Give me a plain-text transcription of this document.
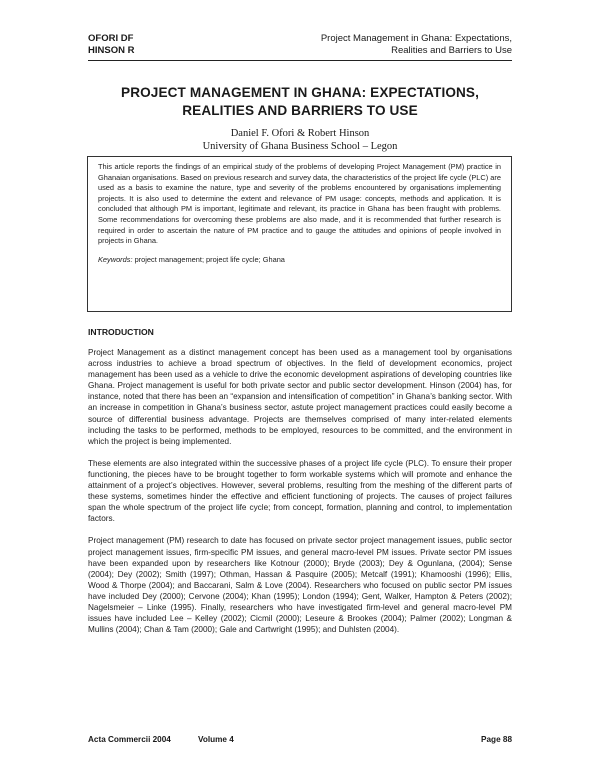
OFORI DF
HINSON R
Project Management in Ghana: Expectations,
Realities and Barriers to Use
PROJECT MANAGEMENT IN GHANA: EXPECTATIONS,
REALITIES AND BARRIERS TO USE
Daniel F. Ofori & Robert Hinson
University of Ghana Business School – Legon

This article reports the findings of an empirical study of the problems of developing Project Management (PM) practice in Ghanaian organisations. Based on previous research and survey data, the characteristics of the project life cycle (PLC) are used as a basis to examine the nature, type and severity of the problems encountered by organisations implementing projects. It is also used to determine the extent and relevance of PM usage: concepts, methods and application. It is concluded that although PM is important, legitimate and relevant, its practice in Ghana has been fraught with problems. Some recommendations for overcoming these problems are also made, and it is recommended that further research is required in order to ascertain the nature of PM practice and to gauge the attitudes and opinions of people involved in projects in Ghana.

Keywords: project management; project life cycle; Ghana

INTRODUCTION

Project Management as a distinct management concept has been used as a management tool by organisations across industries to achieve a broad spectrum of objectives. In the field of development economics, project management has been used as a vehicle to drive the economic development aspirations of developing countries like Ghana. Project management is useful for both private sector and public sector development. Hinson (2004) has, for instance, noted that there has been an “expansion and intensification of competition” in Ghana’s banking sector. With an increase in competition in Ghana’s business sector, astute project management practices could easily become a source of differential business advantage. Projects are themselves comprised of many inter-related elements including the tasks to be performed, methods to be employed, resources to be committed, and the environment in which the project is being implemented.

These elements are also integrated within the successive phases of a project life cycle (PLC). To ensure their proper functioning, the pieces have to be brought together to form workable systems which will promote and enhance the attainment of a project’s objectives. However, several problems, resulting from the meshing of the different parts of these systems, sometimes hinder the effective and efficient functioning of projects. The causes of project failures span the whole spectrum of the project life cycle; from concept, formation, planning and control, to implementation factors.

Project management (PM) research to date has focused on private sector project management issues, public sector project management issues, firm-specific PM issues, and general macro-level PM issues. Private sector PM issues have been expanded upon by researchers like Kotnour (2000); Bryde (2003); Dey & Ogunlana, (2004); Sense (2004); Dey (2002); Smith (1997); Othman, Hassan & Pasquire (2005); Metcalf (1991); Khamooshi (1996); Ellis, Wood & Thorpe (2004); and Baccarani, Salm & Love (2004). Researchers who focused on public sector PM issues have included Dey (2000); Cervone (2004); Khan (1995); London (1994); Gent, Walker, Hampton & Peters (2002); Nagelsmeier – Linke (1995). Finally, researchers who have investigated firm-level and general macro-level PM issues have included Lee – Kelley (2002); Cicmil (2000); Leseure & Brookes (2004); Palmer (2002); Longman & Mullins (2004); Chan & Tam (2000); Gale and Cartwright (1995); and Duhlsten (2004).

Acta Commercii 2004	Volume 4	Page 88
